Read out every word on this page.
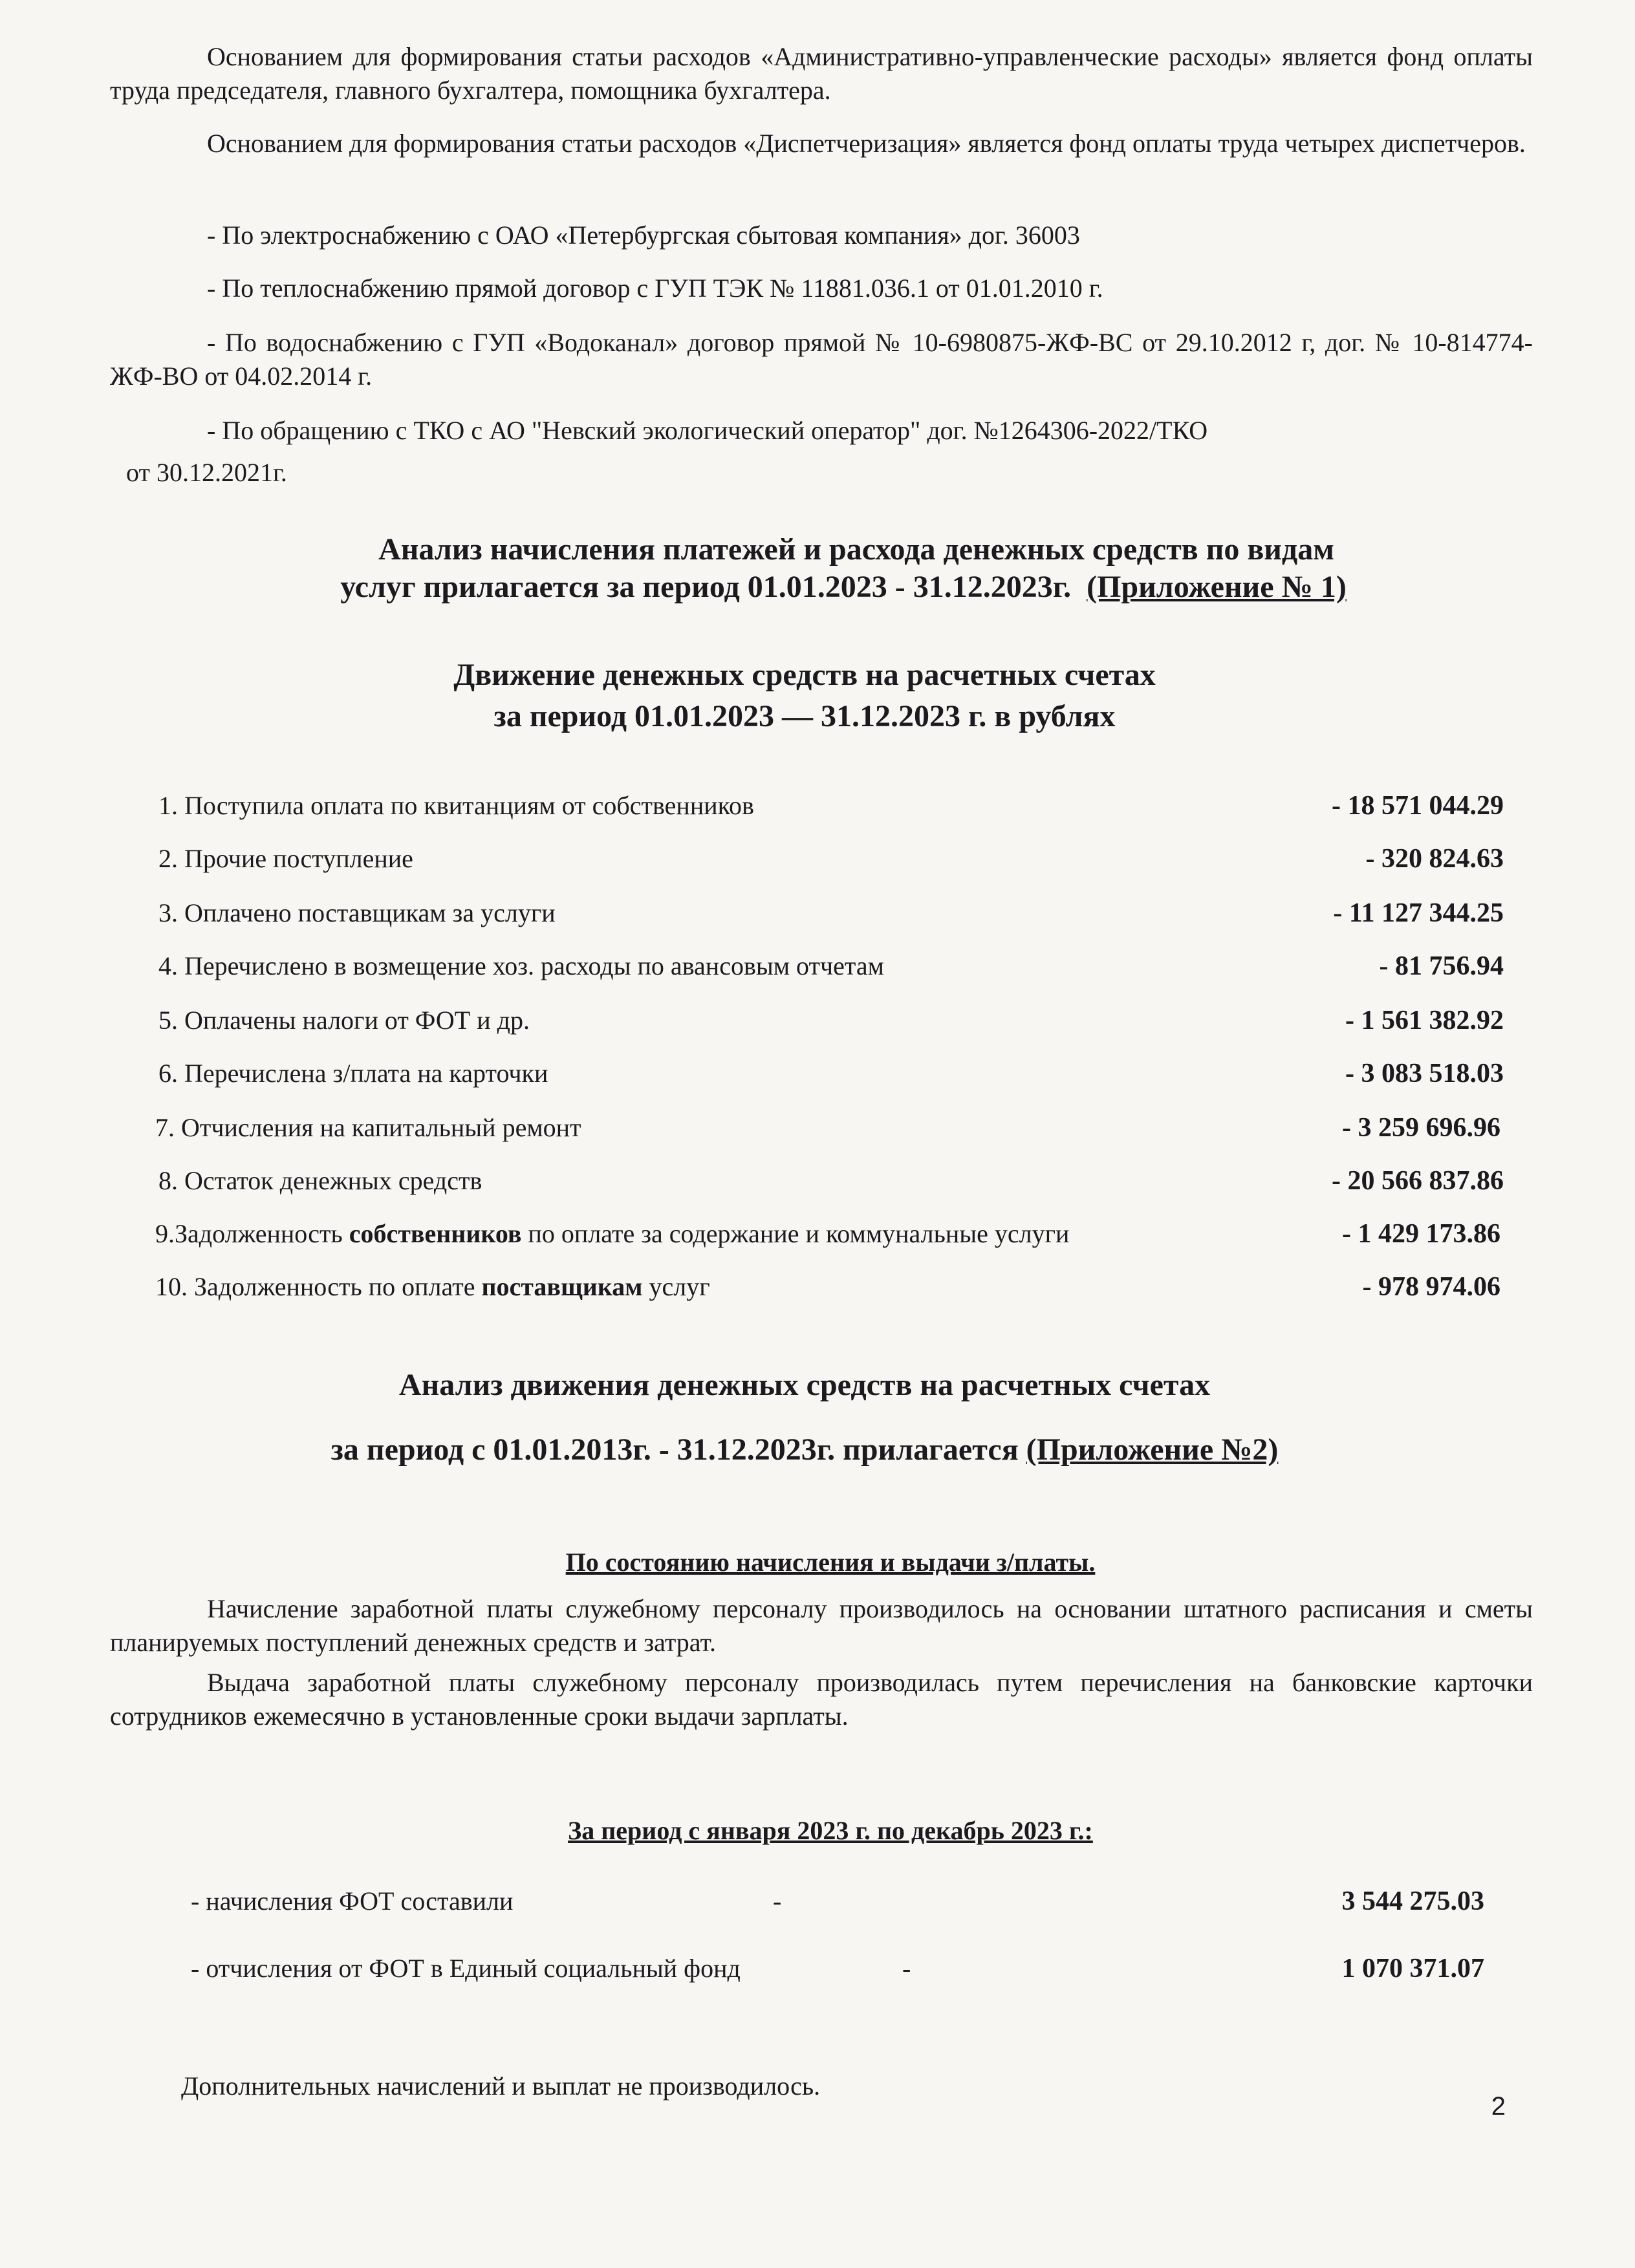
Основанием для формирования статьи расходов «Административно-управленческие расходы» является фонд оплаты труда председателя, главного бухгалтера, помощника бухгалтера.
Основанием для формирования статьи расходов «Диспетчеризация» является фонд оплаты труда четырех диспетчеров.
- По электроснабжению с ОАО «Петербургская сбытовая компания» дог. 36003
- По теплоснабжению прямой договор с ГУП ТЭК № 11881.036.1 от 01.01.2010 г.
- По водоснабжению с ГУП «Водоканал» договор прямой № 10-6980875-ЖФ-ВС от 29.10.2012 г, дог. № 10-814774-ЖФ-ВО от 04.02.2014 г.
- По обращению с ТКО с АО "Невский экологический оператор" дог. №1264306-2022/ТКО
от 30.12.2021г.
Анализ начисления платежей и расхода денежных средств по видам
услуг прилагается за период 01.01.2023 - 31.12.2023г. (Приложение № 1)
Движение денежных средств на расчетных счетах
за период 01.01.2023 — 31.12.2023 г. в рублях
1. Поступила оплата по квитанциям от собственников	- 18 571 044.29
2. Прочие поступление	- 320 824.63
3. Оплачено поставщикам за услуги	- 11 127 344.25
4. Перечислено в возмещение хоз. расходы по авансовым отчетам	- 81 756.94
5. Оплачены налоги от ФОТ и др.	- 1 561 382.92
6. Перечислена з/плата на карточки	- 3 083 518.03
7. Отчисления на капитальный ремонт	- 3 259 696.96
8. Остаток денежных средств	- 20 566 837.86
9.Задолженность собственников по оплате за содержание и коммунальные услуги	- 1 429 173.86
10. Задолженность по оплате поставщикам услуг	- 978 974.06
Анализ движения денежных средств на расчетных счетах
за период с 01.01.2013г. - 31.12.2023г. прилагается (Приложение №2)
По состоянию начисления и выдачи з/платы.
Начисление заработной платы служебному персоналу производилось на основании штатного расписания и сметы планируемых поступлений денежных средств и затрат.
Выдача заработной платы служебному персоналу производилась путем перечисления на банковские карточки сотрудников ежемесячно в установленные сроки выдачи зарплаты.
За период с января 2023 г. по декабрь 2023 г.:
- начисления ФОТ составили	-	3 544 275.03
- отчисления от ФОТ в Единый социальный фонд	-	1 070 371.07
Дополнительных начислений и выплат не производилось.
2
